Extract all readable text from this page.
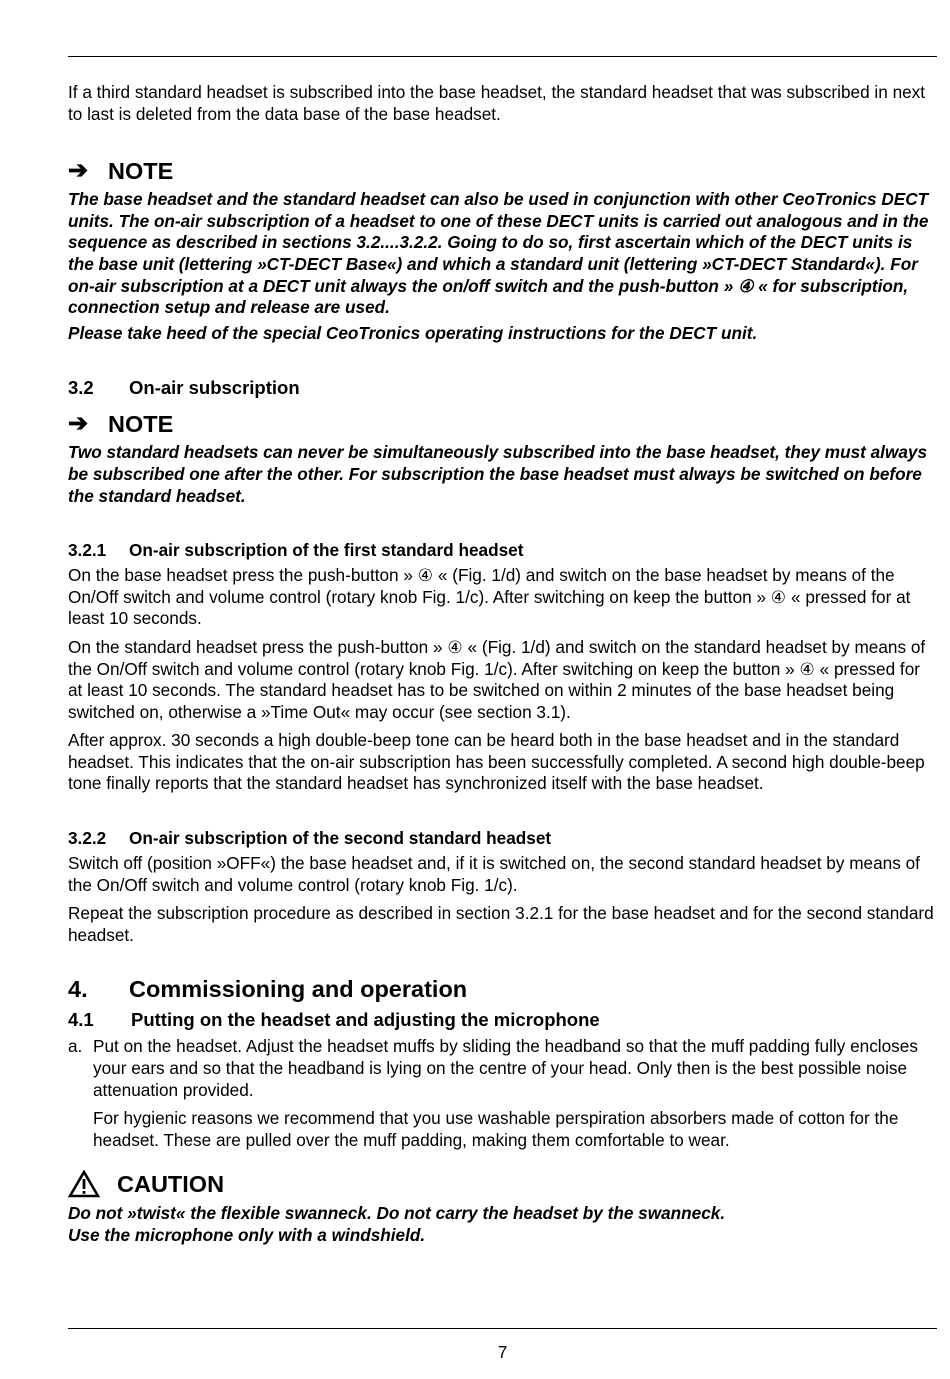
If a third standard headset is subscribed into the base headset, the standard headset that was subscribed in next to last is deleted from the data base of the base headset.

➔ NOTE

The base headset and the standard headset can also be used in conjunction with other CeoTronics DECT units. The on-air subscription of a headset to one of these DECT units is carried out analogous and in the sequence as described in sections 3.2....3.2.2. Going to do so, first ascertain which of the DECT units is the base unit (lettering »CT-DECT Base«) and which a standard unit (lettering »CT-DECT Standard«). For on-air subscription at a DECT unit always the on/off switch and the push-button » ④ « for subscription, connection setup and release are used.

Please take heed of the special CeoTronics operating instructions for the DECT unit.

3.2	On-air subscription
➔ NOTE

Two standard headsets can never be simultaneously subscribed into the base headset, they must always be subscribed one after the other. For subscription the base headset must always be switched on before the standard headset.

3.2.1	On-air subscription of the first standard headset

On the base headset press the push-button » ④ « (Fig. 1/d) and switch on the base headset by means of the On/Off switch and volume control (rotary knob Fig. 1/c). After switching on keep the button » ④ « pressed for at least 10 seconds.

On the standard headset press the push-button » ④ « (Fig. 1/d) and switch on the standard headset by means of the On/Off switch and volume control (rotary knob Fig. 1/c). After switching on keep the button » ④ « pressed for at least 10 seconds. The standard headset has to be switched on within 2 minutes of the base headset being switched on, otherwise a »Time Out« may occur (see section 3.1).

After approx. 30 seconds a high double-beep tone can be heard both in the base headset and in the standard headset. This indicates that the on-air subscription has been successfully completed. A second high double-beep tone finally reports that the standard headset has synchronized itself with the base headset.

3.2.2	On-air subscription of the second standard headset

Switch off (position »OFF«) the base headset and, if it is switched on, the second standard headset by means of the On/Off switch and volume control (rotary knob Fig. 1/c).

Repeat the subscription procedure as described in section 3.2.1 for the base headset and for the second standard headset.

4.	Commissioning and operation
4.1	Putting on the headset and adjusting the microphone
a. Put on the headset. Adjust the headset muffs by sliding the headband so that the muff padding fully encloses your ears and so that the headband is lying on the centre of your head. Only then is the best possible noise attenuation provided.

For hygienic reasons we recommend that you use washable perspiration absorbers made of cotton for the headset. These are pulled over the muff padding, making them comfortable to wear.

CAUTION

Do not »twist« the flexible swanneck. Do not carry the headset by the swanneck.

Use the microphone only with a windshield.

7
